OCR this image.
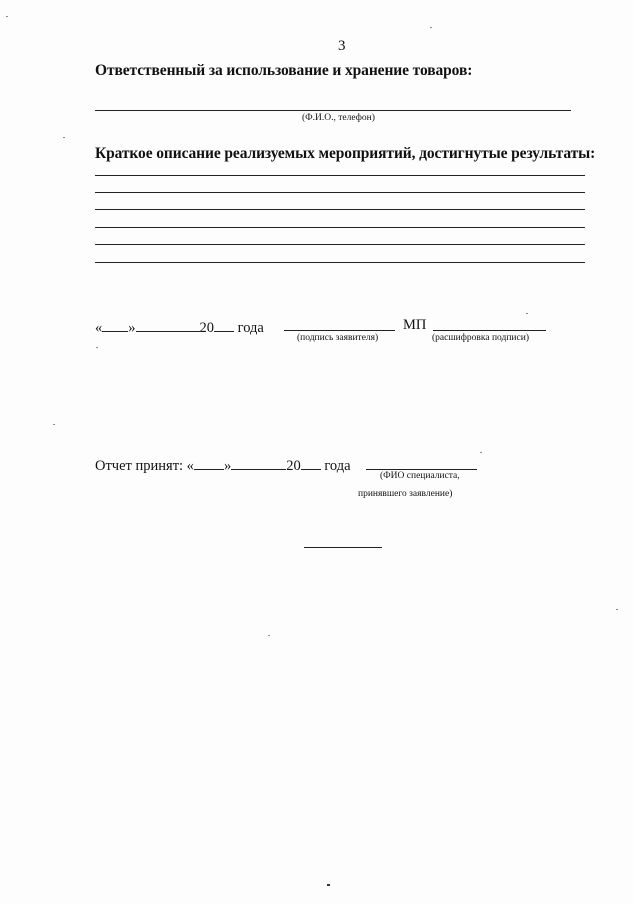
3
Ответственный за использование и хранение товаров:
(Ф.И.О., телефон)
Краткое описание реализуемых мероприятий, достигнутые результаты:
« »	20 года	МП
(подпись заявителя)	(расшифровка подписи)
Отчет принят: « »	20 года
(ФИО специалиста,
принявшего заявление)
